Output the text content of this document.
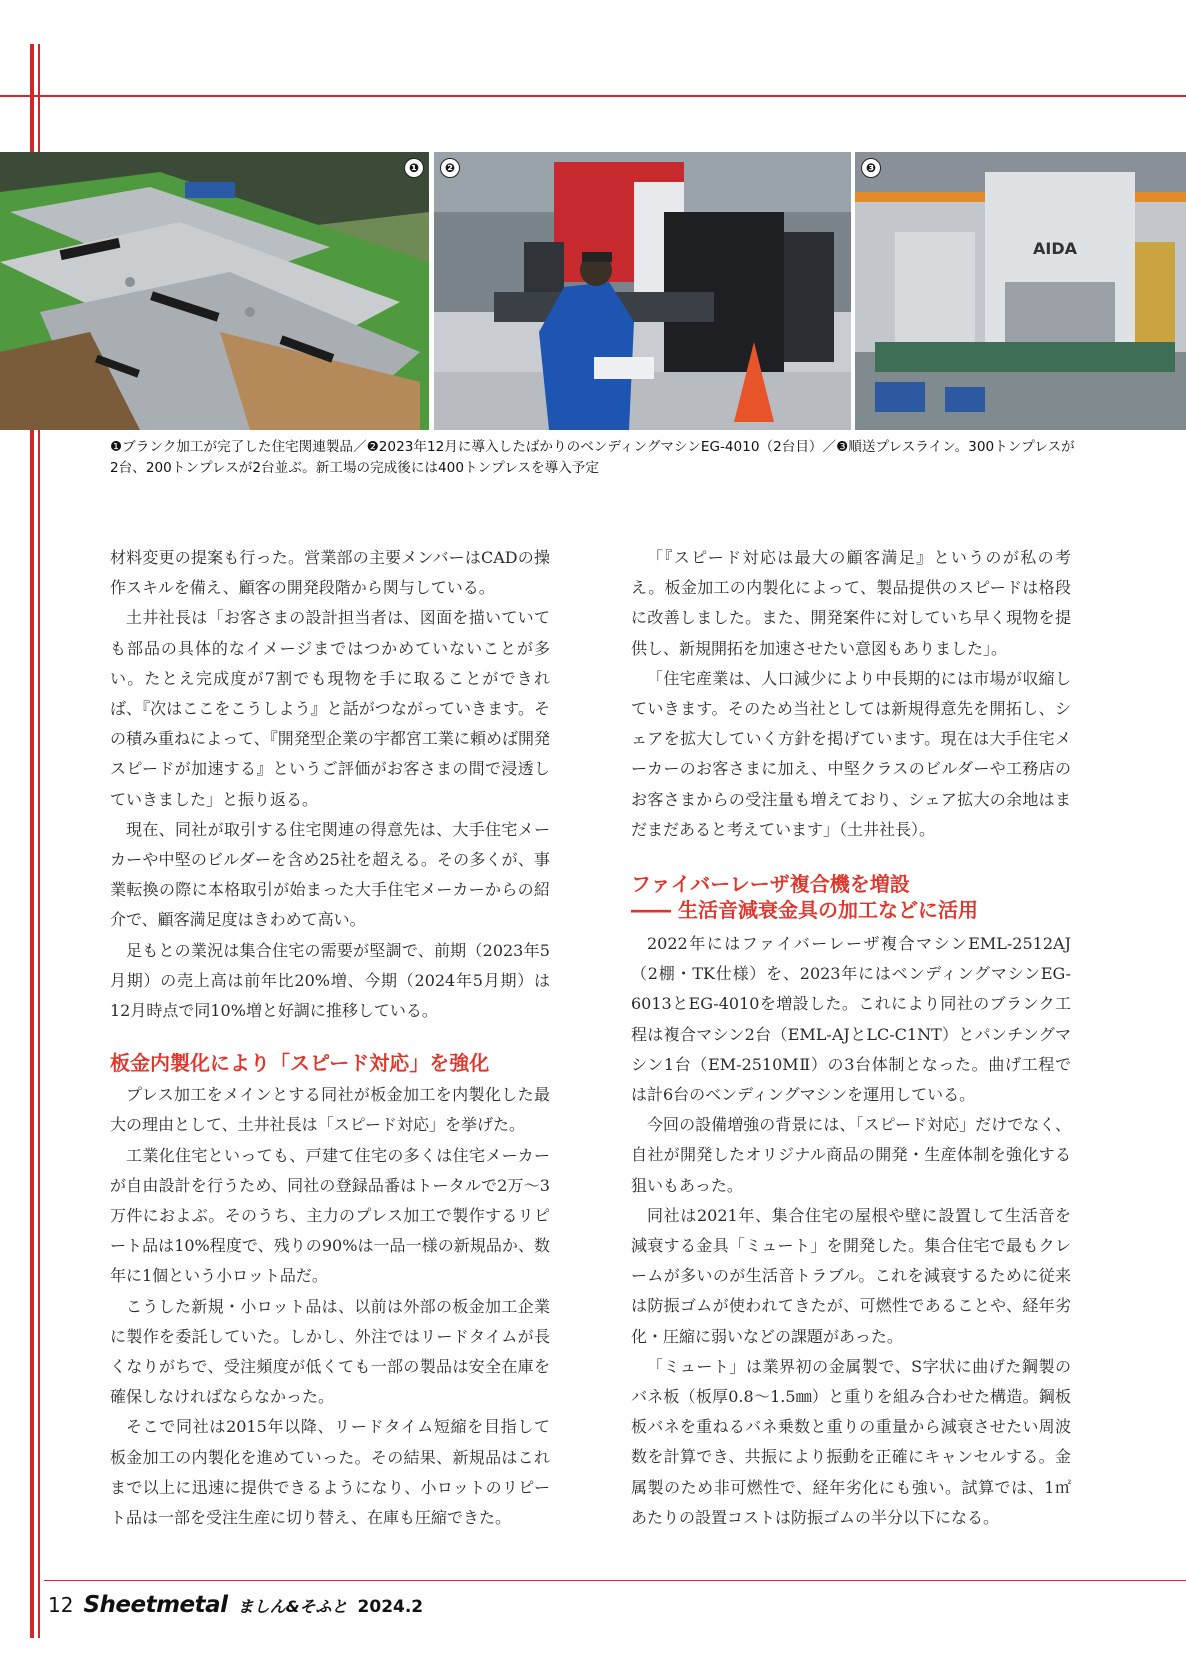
❶	❷
AIDA
❸
❶ブランク加工が完了した住宅関連製品／❷2023年12月に導入したばかりのベンディングマシンEG-4010（2台目）／❸順送プレスライン。300トンプレスが2台、200トンプレスが2台並ぶ。新工場の完成後には400トンプレスを導入予定

材料変更の提案も行った。営業部の主要メンバーはCADの操作スキルを備え、顧客の開発段階から関与している。

土井社長は「お客さまの設計担当者は、図面を描いていても部品の具体的なイメージまではつかめていないことが多い。たとえ完成度が7割でも現物を手に取ることができれば、『次はここをこうしよう』と話がつながっていきます。その積み重ねによって、『開発型企業の宇都宮工業に頼めば開発スピードが加速する』というご評価がお客さまの間で浸透していきました」と振り返る。

現在、同社が取引する住宅関連の得意先は、大手住宅メーカーや中堅のビルダーを含め25社を超える。その多くが、事業転換の際に本格取引が始まった大手住宅メーカーからの紹介で、顧客満足度はきわめて高い。

足もとの業況は集合住宅の需要が堅調で、前期（2023年5月期）の売上高は前年比20%増、今期（2024年5月期）は12月時点で同10%増と好調に推移している。

板金内製化により「スピード対応」を強化

プレス加工をメインとする同社が板金加工を内製化した最大の理由として、土井社長は「スピード対応」を挙げた。

工業化住宅といっても、戸建て住宅の多くは住宅メーカーが自由設計を行うため、同社の登録品番はトータルで2万〜3万件におよぶ。そのうち、主力のプレス加工で製作するリピート品は10%程度で、残りの90%は一品一様の新規品か、数年に1個という小ロット品だ。

こうした新規・小ロット品は、以前は外部の板金加工企業に製作を委託していた。しかし、外注ではリードタイムが長くなりがちで、受注頻度が低くても一部の製品は安全在庫を確保しなければならなかった。

そこで同社は2015年以降、リードタイム短縮を目指して板金加工の内製化を進めていった。その結果、新規品はこれまで以上に迅速に提供できるようになり、小ロットのリピート品は一部を受注生産に切り替え、在庫も圧縮できた。

「『スピード対応は最大の顧客満足』というのが私の考え。板金加工の内製化によって、製品提供のスピードは格段に改善しました。また、開発案件に対していち早く現物を提供し、新規開拓を加速させたい意図もありました」。

「住宅産業は、人口減少により中長期的には市場が収縮していきます。そのため当社としては新規得意先を開拓し、シェアを拡大していく方針を掲げています。現在は大手住宅メーカーのお客さまに加え、中堅クラスのビルダーや工務店のお客さまからの受注量も増えており、シェア拡大の余地はまだまだあると考えています」（土井社長）。

ファイバーレーザ複合機を増設
―― 生活音減衰金具の加工などに活用

2022年にはファイバーレーザ複合マシンEML-2512AJ（2棚・TK仕様）を、2023年にはベンディングマシンEG-6013とEG-4010を増設した。これにより同社のブランク工程は複合マシン2台（EML-AJとLC-C1NT）とパンチングマシン1台（EM-2510MⅡ）の3台体制となった。曲げ工程では計6台のベンディングマシンを運用している。

今回の設備増強の背景には、「スピード対応」だけでなく、自社が開発したオリジナル商品の開発・生産体制を強化する狙いもあった。

同社は2021年、集合住宅の屋根や壁に設置して生活音を減衰する金具「ミュート」を開発した。集合住宅で最もクレームが多いのが生活音トラブル。これを減衰するために従来は防振ゴムが使われてきたが、可燃性であることや、経年劣化・圧縮に弱いなどの課題があった。

「ミュート」は業界初の金属製で、S字状に曲げた鋼製のバネ板（板厚0.8〜1.5㎜）と重りを組み合わせた構造。鋼板板バネを重ねるバネ乗数と重りの重量から減衰させたい周波数を計算でき、共振により振動を正確にキャンセルする。金属製のため非可燃性で、経年劣化にも強い。試算では、1㎡あたりの設置コストは防振ゴムの半分以下になる。

12 Sheetmetal ましん&そふと 2024.2
